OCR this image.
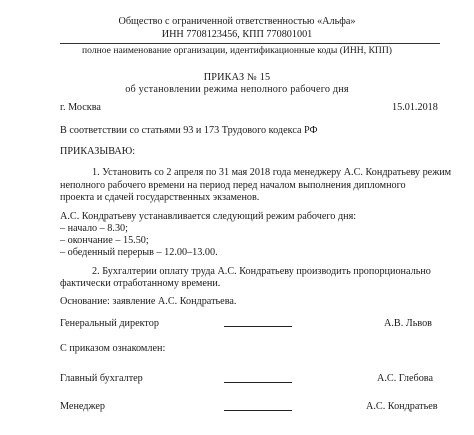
Общество с ограниченной ответственностью «Альфа»
ИНН 7708123456, КПП 770801001
полное наименование организации, идентификационные коды (ИНН, КПП)
ПРИКАЗ № 15
об установлении режима неполного рабочего дня
г. Москва	15.01.2018
В соответствии со статьями 93 и 173 Трудового кодекса РФ
ПРИКАЗЫВАЮ:
1. Установить со 2 апреля по 31 мая 2018 года менеджеру А.С. Кондратьеву режим
неполного рабочего времени на период перед началом выполнения дипломного
проекта и сдачей государственных экзаменов.
А.С. Кондратьеву устанавливается следующий режим рабочего дня:
– начало – 8.30;
– окончание – 15.50;
– обеденный перерыв – 12.00–13.00.
2. Бухгалтерии оплату труда А.С. Кондратьеву производить пропорционально
фактически отработанному времени.
Основание: заявление А.С. Кондратьева.
Генеральный директор	А.В. Львов
С приказом ознакомлен:
Главный бухгалтер	А.С. Глебова
Менеджер	А.С. Кондратьев
